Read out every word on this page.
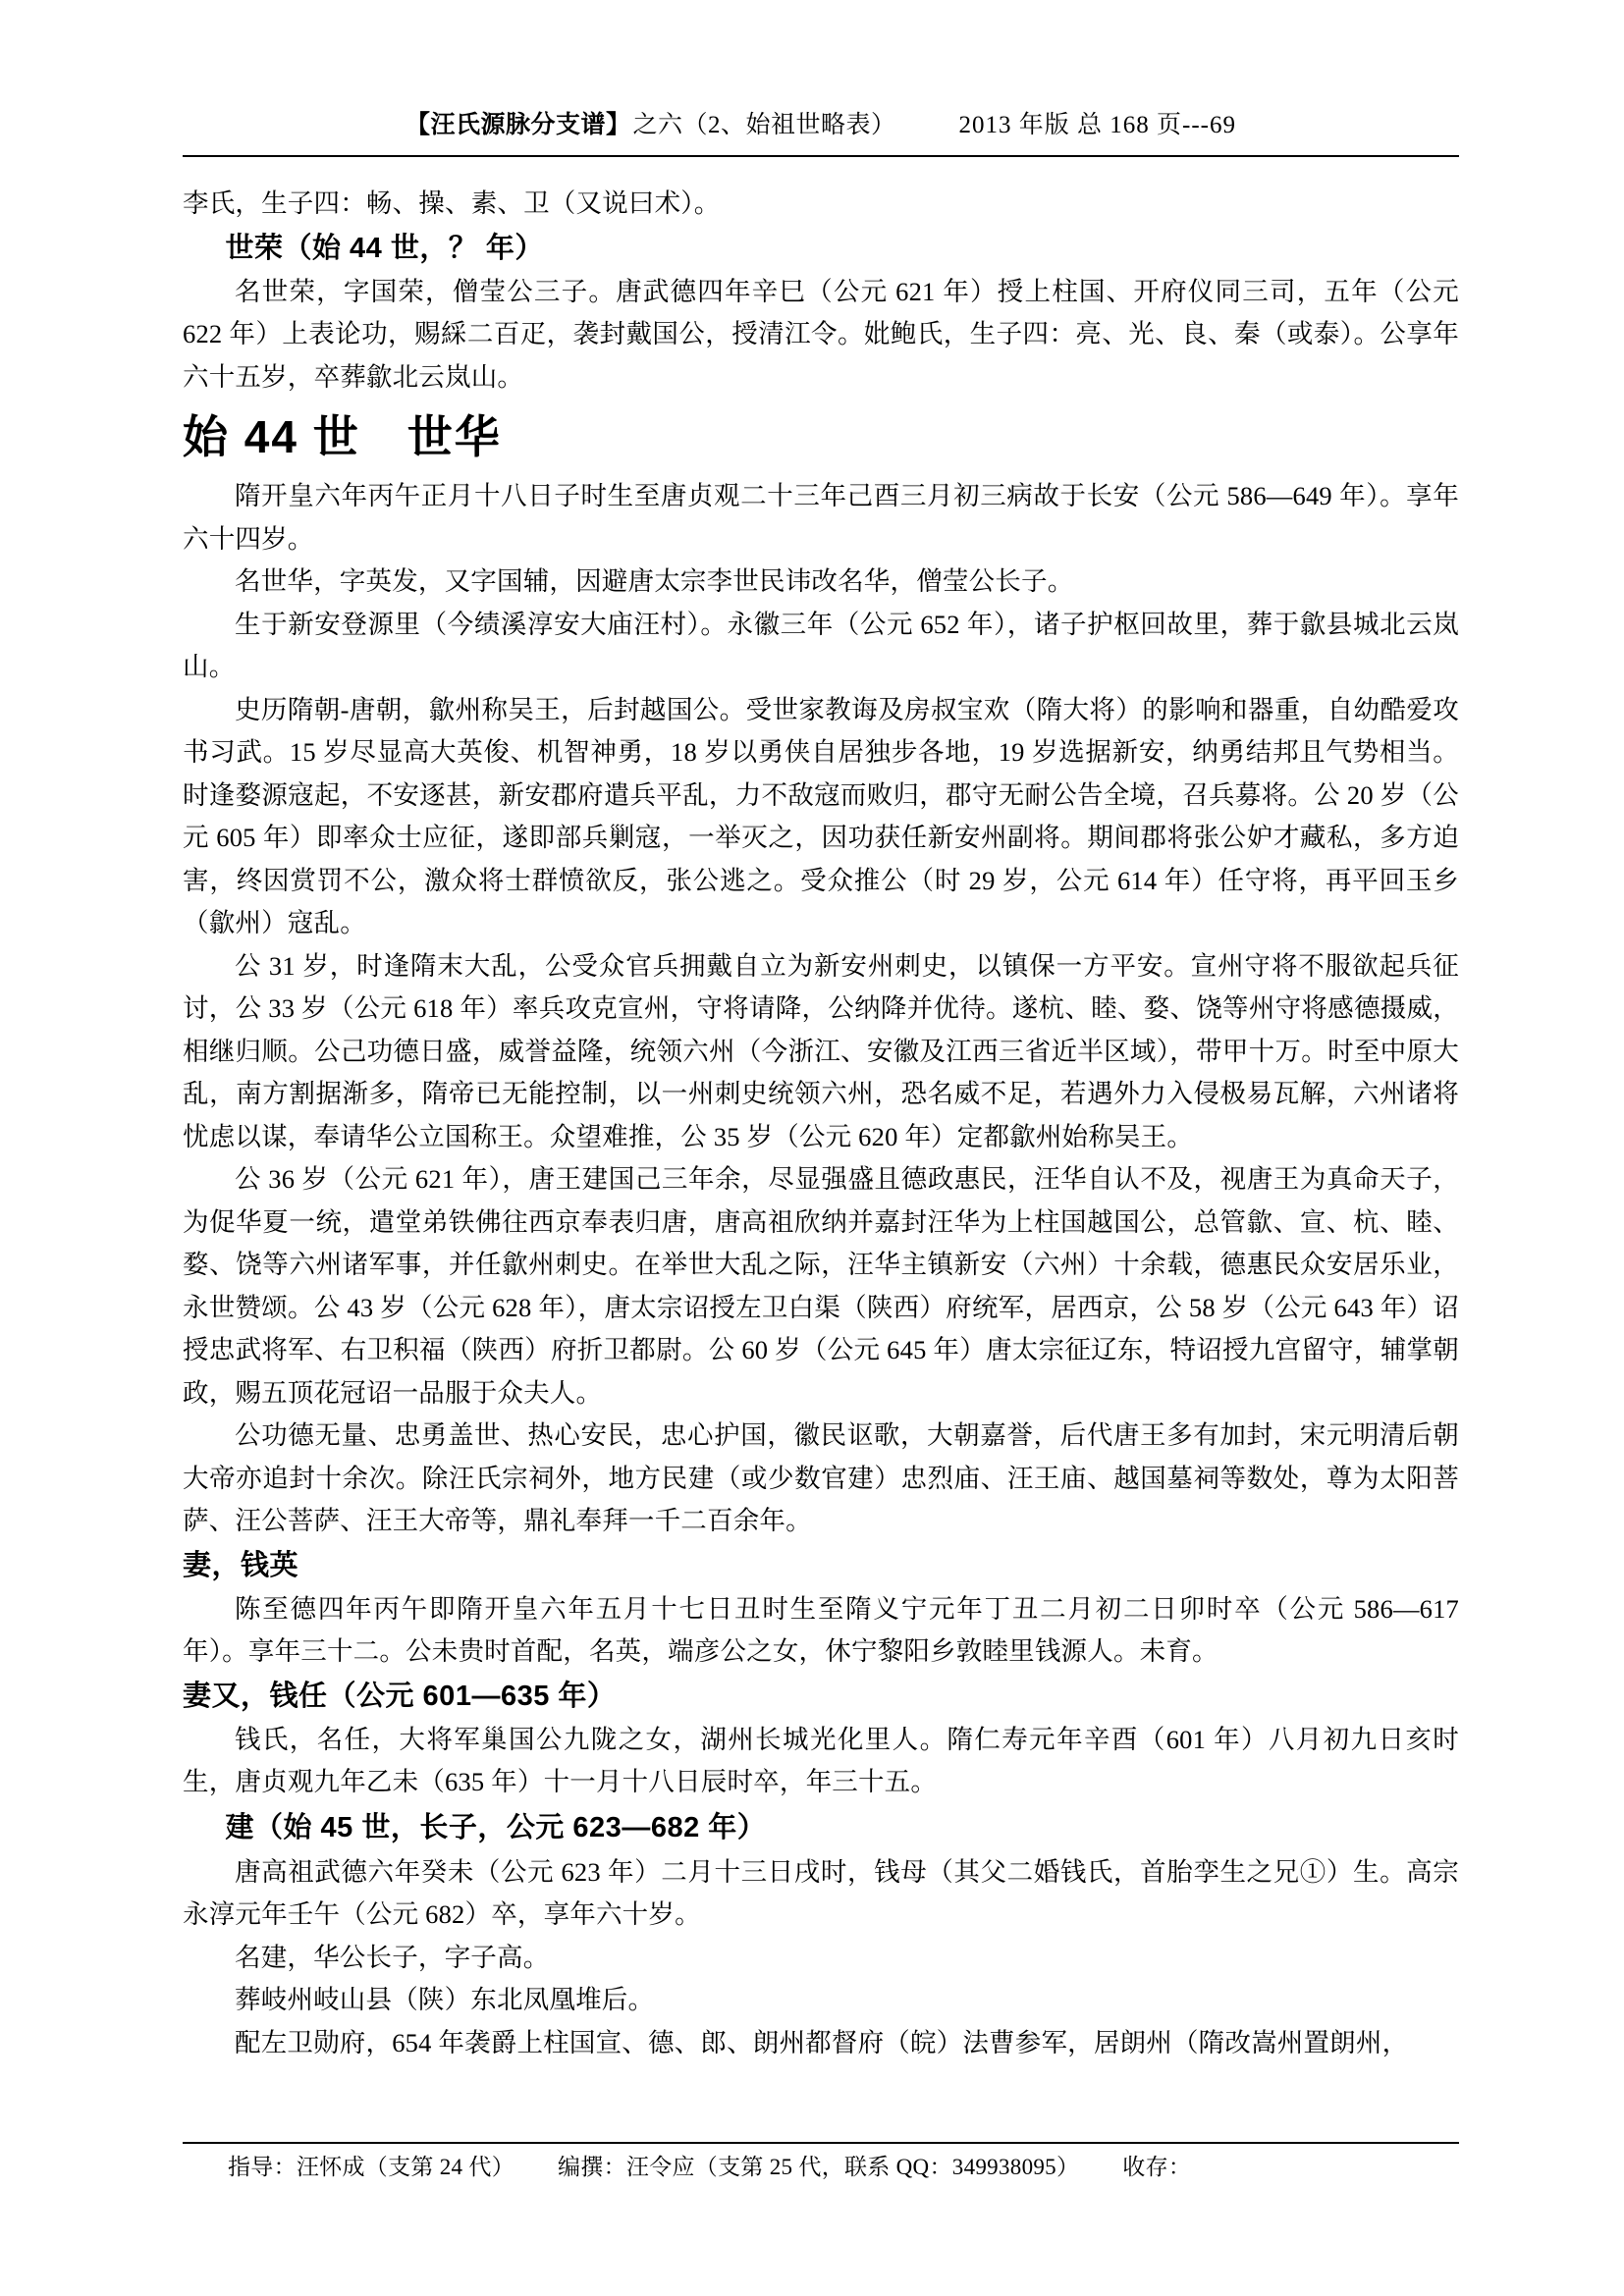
【汪氏源脉分支谱】 之六（2、始祖世略表）	2013 年版 总 168 页---69

李氏，生子四：畅、操、素、卫（又说曰术）。

世荣（始 44 世，？ 年）

名世荣，字国荣，僧莹公三子。唐武德四年辛巳（公元 621 年）授上柱国、开府仪同三司，五年（公元 622 年）上表论功，赐綵二百疋，袭封戴国公，授清江令。妣鲍氏，生子四：亮、光、良、秦（或泰）。公享年六十五岁，卒葬歙北云岚山。

始 44 世　世华

隋开皇六年丙午正月十八日子时生至唐贞观二十三年己酉三月初三病故于长安（公元 586—649 年）。享年六十四岁。

名世华，字英发，又字国辅，因避唐太宗李世民讳改名华，僧莹公长子。

生于新安登源里（今绩溪淳安大庙汪村）。永徽三年（公元 652 年），诸子护枢回故里，葬于歙县城北云岚山。

史历隋朝-唐朝，歙州称吴王，后封越国公。受世家教诲及房叔宝欢（隋大将）的影响和器重，自幼酷爱攻书习武。15 岁尽显高大英俊、机智神勇，18 岁以勇侠自居独步各地，19 岁选据新安，纳勇结邦且气势相当。时逢婺源寇起，不安逐甚，新安郡府遣兵平乱，力不敌寇而败归，郡守无耐公告全境，召兵募将。公 20 岁（公元 605 年）即率众士应征，遂即部兵剿寇，一举灭之，因功获任新安州副将。期间郡将张公妒才藏私，多方迫害，终因赏罚不公，激众将士群愤欲反，张公逃之。受众推公（时 29 岁，公元 614 年）任守将，再平回玉乡（歙州）寇乱。

公 31 岁，时逢隋末大乱，公受众官兵拥戴自立为新安州刺史，以镇保一方平安。宣州守将不服欲起兵征讨，公 33 岁（公元 618 年）率兵攻克宣州，守将请降，公纳降并优待。遂杭、睦、婺、饶等州守将感德摄威，相继归顺。公己功德日盛，威誉益隆，统领六州（今浙江、安徽及江西三省近半区域），带甲十万。时至中原大乱，南方割据渐多，隋帝已无能控制，以一州刺史统领六州，恐名威不足，若遇外力入侵极易瓦解，六州诸将忧虑以谋，奉请华公立国称王。众望难推，公 35 岁（公元 620 年）定都歙州始称吴王。

公 36 岁（公元 621 年），唐王建国己三年余，尽显强盛且德政惠民，汪华自认不及，视唐王为真命天子，为促华夏一统，遣堂弟铁佛往西京奉表归唐，唐高祖欣纳并嘉封汪华为上柱国越国公，总管歙、宣、杭、睦、婺、饶等六州诸军事，并任歙州刺史。在举世大乱之际，汪华主镇新安（六州）十余载，德惠民众安居乐业，永世赞颂。公 43 岁（公元 628 年），唐太宗诏授左卫白渠（陕西）府统军，居西京，公 58 岁（公元 643 年）诏授忠武将军、右卫积福（陕西）府折卫都尉。公 60 岁（公元 645 年）唐太宗征辽东，特诏授九宫留守，辅掌朝政，赐五顶花冠诏一品服于众夫人。

公功德无量、忠勇盖世、热心安民，忠心护国，徽民讴歌，大朝嘉誉，后代唐王多有加封，宋元明清后朝大帝亦追封十余次。除汪氏宗祠外，地方民建（或少数官建）忠烈庙、汪王庙、越国墓祠等数处，尊为太阳菩萨、汪公菩萨、汪王大帝等，鼎礼奉拜一千二百余年。

妻，钱英

陈至德四年丙午即隋开皇六年五月十七日丑时生至隋义宁元年丁丑二月初二日卯时卒（公元 586—617 年）。享年三十二。公未贵时首配，名英，端彦公之女，休宁黎阳乡敦睦里钱源人。未育。

妻又，钱任（公元 601—635 年）

钱氏，名任，大将军巢国公九陇之女，湖州长城光化里人。隋仁寿元年辛酉（601 年）八月初九日亥时生，唐贞观九年乙未（635 年）十一月十八日辰时卒，年三十五。

建（始 45 世，长子，公元 623—682 年）

唐高祖武德六年癸未（公元 623 年）二月十三日戌时，钱母（其父二婚钱氏，首胎孪生之兄①）生。高宗永淳元年壬午（公元 682）卒，享年六十岁。

名建，华公长子，字子高。

葬岐州岐山县（陕）东北凤凰堆后。

配左卫勋府，654 年袭爵上柱国宣、德、郎、朗州都督府（皖）法曹参军，居朗州（隋改嵩州置朗州，

指导：汪怀成（支第 24 代） 编撰：汪令应（支第 25 代，联系 QQ：349938095） 收存：
